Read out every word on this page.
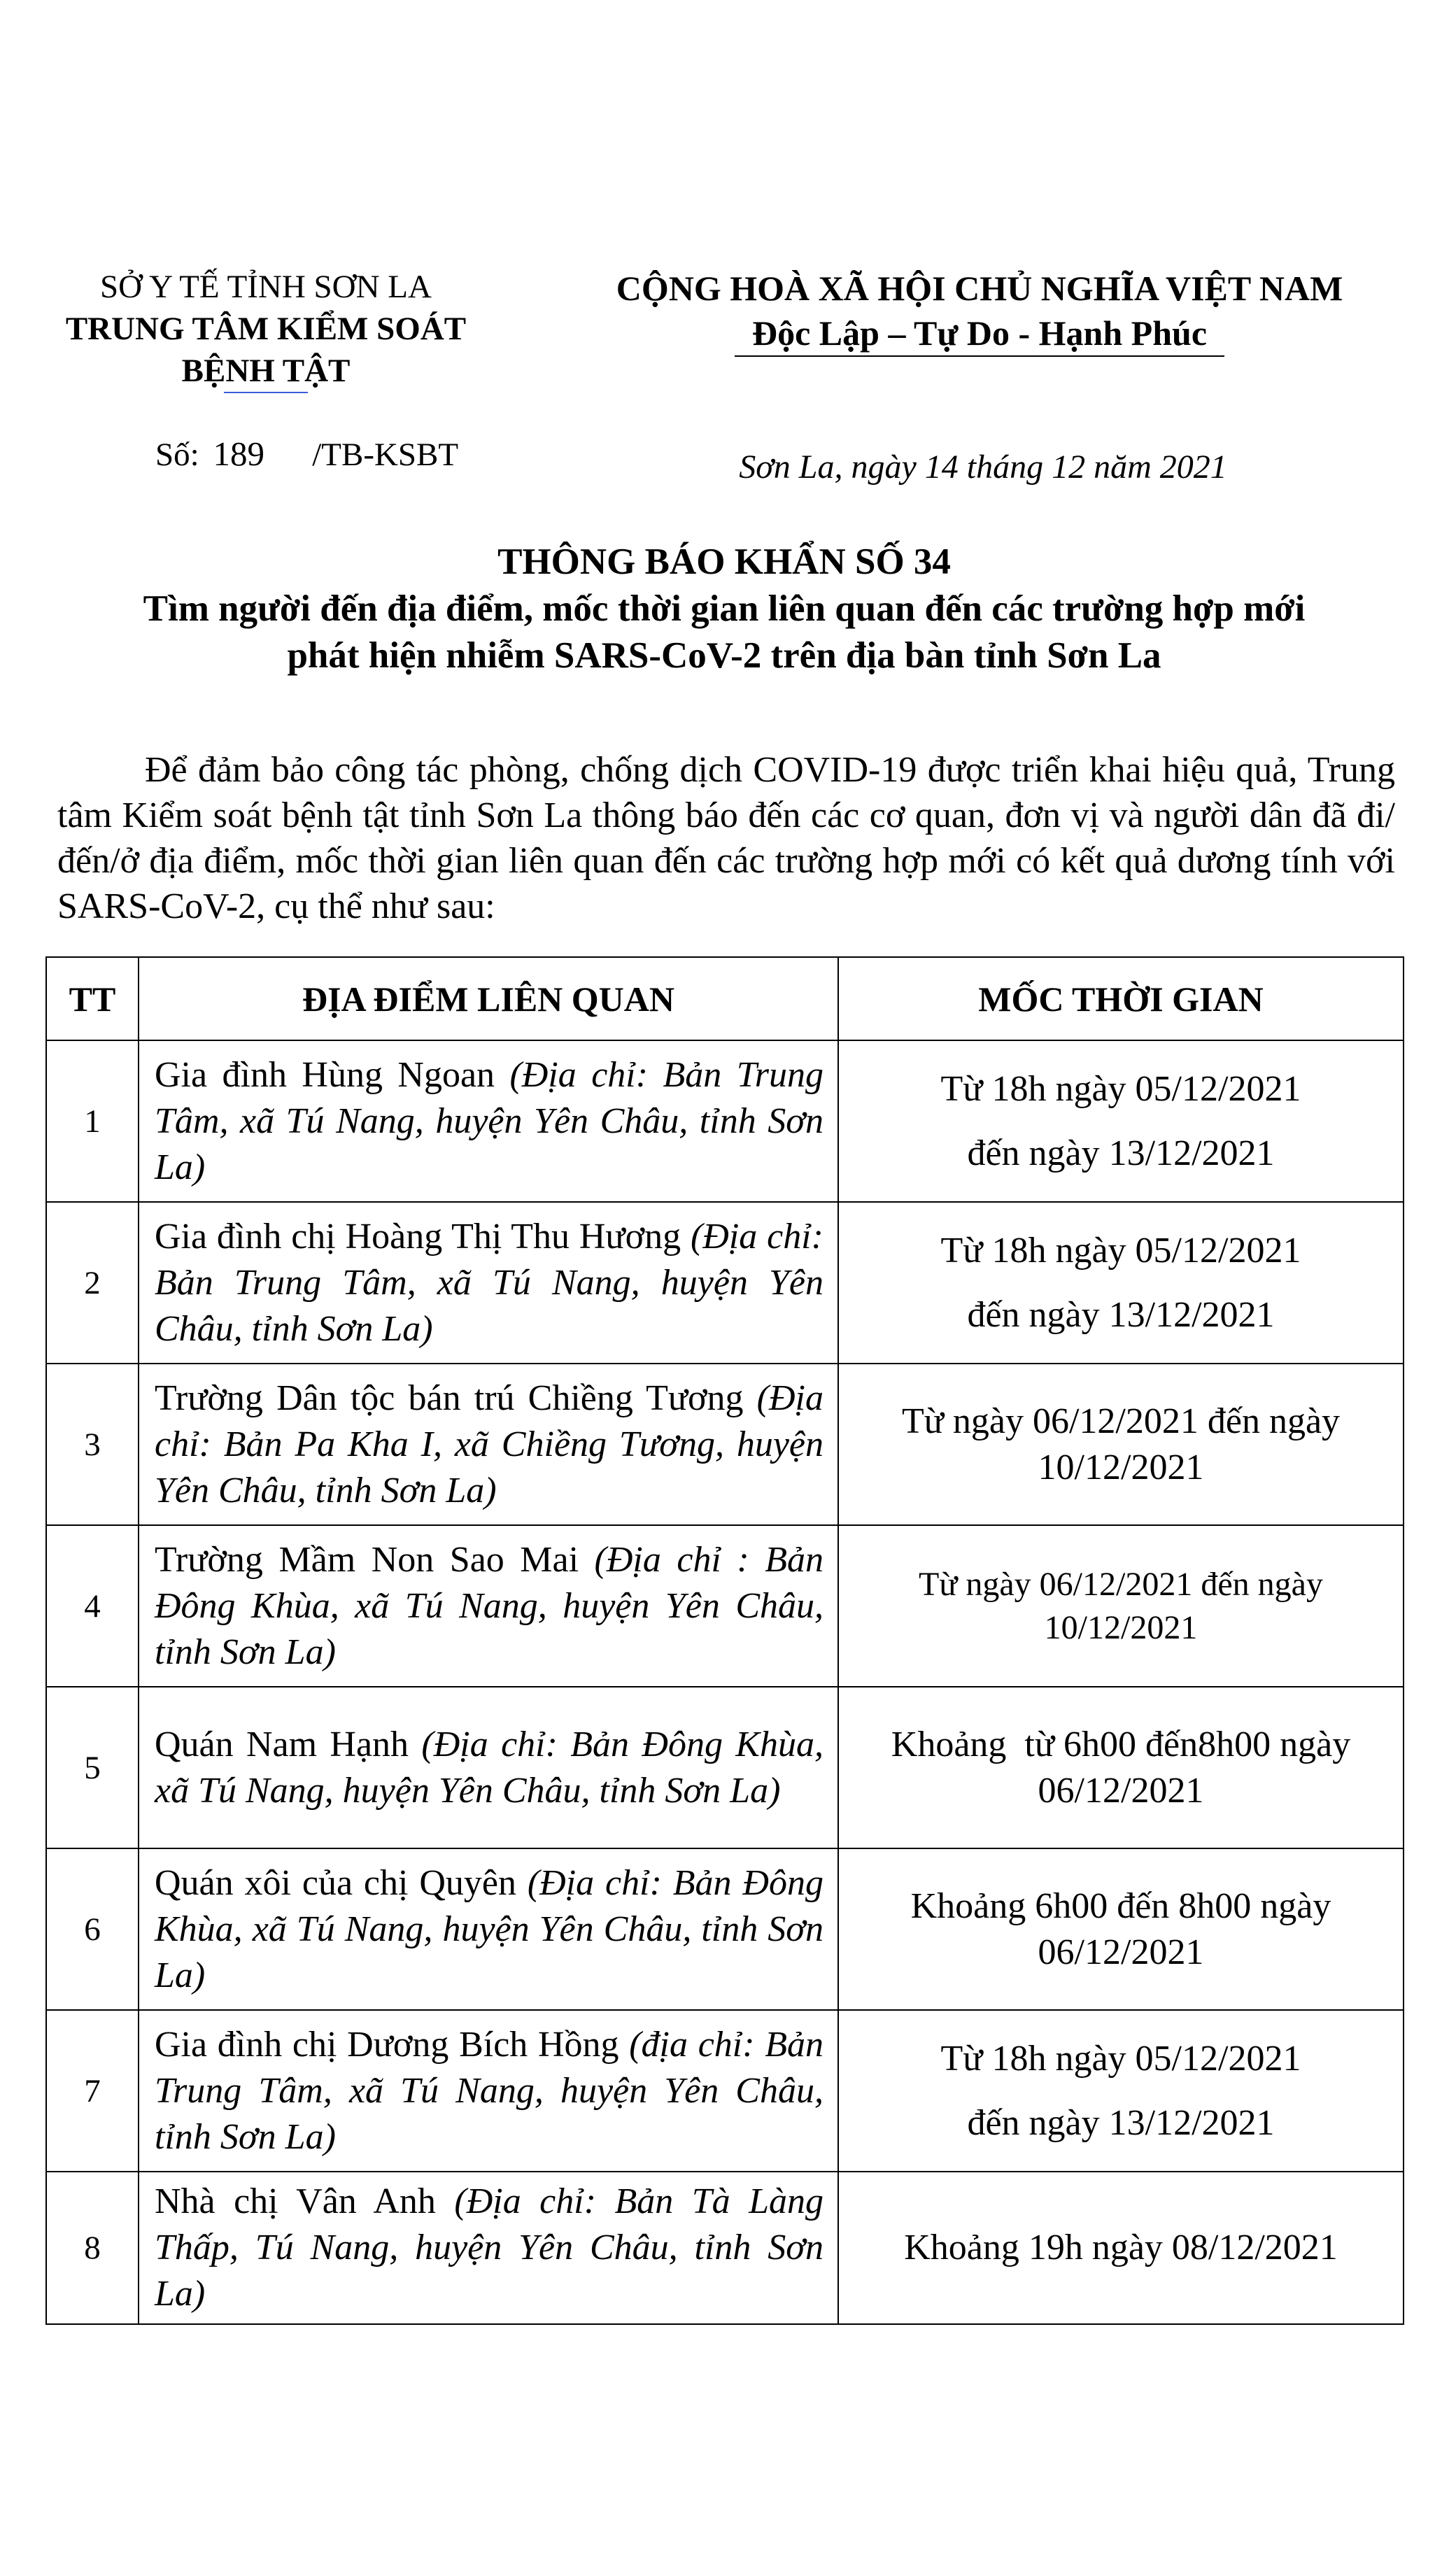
SỞ Y TẾ TỈNH SƠN LA
TRUNG TÂM KIỂM SOÁT
BỆNH TẬT
CỘNG HOÀ XÃ HỘI CHỦ NGHĨA VIỆT NAM
Độc Lập – Tự Do - Hạnh Phúc
Số: 189 /TB-KSBT	Sơn La, ngày 14 tháng 12 năm 2021
THÔNG BÁO KHẨN SỐ 34
Tìm người đến địa điểm, mốc thời gian liên quan đến các trường hợp mới
phát hiện nhiễm SARS-CoV-2 trên địa bàn tỉnh Sơn La
Để đảm bảo công tác phòng, chống dịch COVID-19 được triển khai hiệu quả, Trung tâm Kiểm soát bệnh tật tỉnh Sơn La thông báo đến các cơ quan, đơn vị và người dân đã đi/đến/ở địa điểm, mốc thời gian liên quan đến các trường hợp mới có kết quả dương tính với SARS-CoV-2, cụ thể như sau:
TT	ĐỊA ĐIỂM LIÊN QUAN	MỐC THỜI GIAN
1	Gia đình Hùng Ngoan (Địa chỉ: Bản Trung Tâm, xã Tú Nang, huyện Yên Châu, tỉnh Sơn La)	Từ 18h ngày 05/12/2021
đến ngày 13/12/2021

2	Gia đình chị Hoàng Thị Thu Hương (Địa chỉ: Bản Trung Tâm, xã Tú Nang, huyện Yên Châu, tỉnh Sơn La)	Từ 18h ngày 05/12/2021
đến ngày 13/12/2021

3	Trường Dân tộc bán trú Chiềng Tương (Địa chỉ: Bản Pa Kha I, xã Chiềng Tương, huyện Yên Châu, tỉnh Sơn La)	Từ ngày 06/12/2021 đến ngày
10/12/2021

4	Trường Mầm Non Sao Mai (Địa chỉ : Bản Đông Khùa, xã Tú Nang, huyện Yên Châu, tỉnh Sơn La)	Từ ngày 06/12/2021 đến ngày
10/12/2021

5	Quán Nam Hạnh (Địa chỉ: Bản Đông Khùa, xã Tú Nang, huyện Yên Châu, tỉnh Sơn La)	Khoảng  từ 6h00 đến8h00 ngày
06/12/2021

6	Quán xôi của chị Quyên (Địa chỉ: Bản Đông Khùa, xã Tú Nang, huyện Yên Châu, tỉnh Sơn La)	Khoảng 6h00 đến 8h00 ngày
06/12/2021

7	Gia đình chị Dương Bích Hồng (địa chỉ: Bản Trung Tâm, xã Tú Nang, huyện Yên Châu, tỉnh Sơn La)	Từ 18h ngày 05/12/2021
đến ngày 13/12/2021

8	Nhà chị Vân Anh (Địa chỉ: Bản Tà Làng Thấp, Tú Nang, huyện Yên Châu, tỉnh Sơn La)	Khoảng 19h ngày 08/12/2021
